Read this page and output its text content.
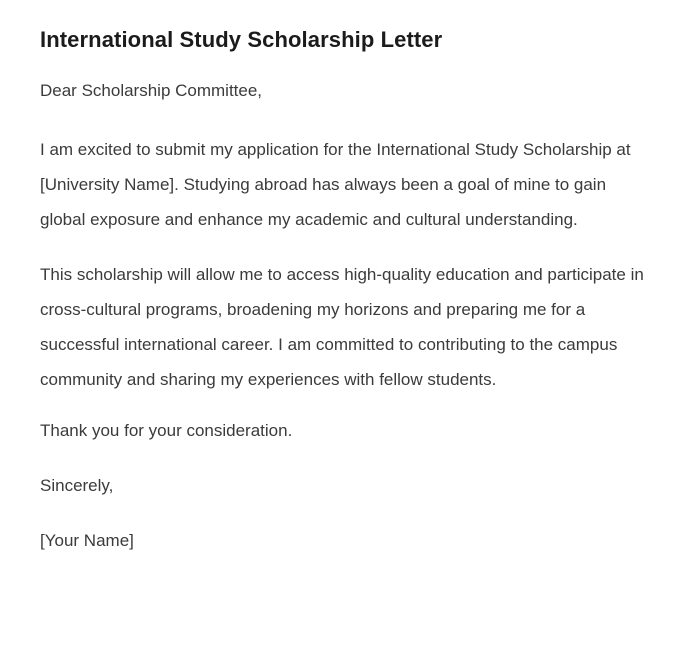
International Study Scholarship Letter

Dear Scholarship Committee,

I am excited to submit my application for the International Study Scholarship at [University Name]. Studying abroad has always been a goal of mine to gain global exposure and enhance my academic and cultural understanding.

This scholarship will allow me to access high-quality education and participate in cross-cultural programs, broadening my horizons and preparing me for a successful international career. I am committed to contributing to the campus community and sharing my experiences with fellow students.

Thank you for your consideration.

Sincerely,

[Your Name]
